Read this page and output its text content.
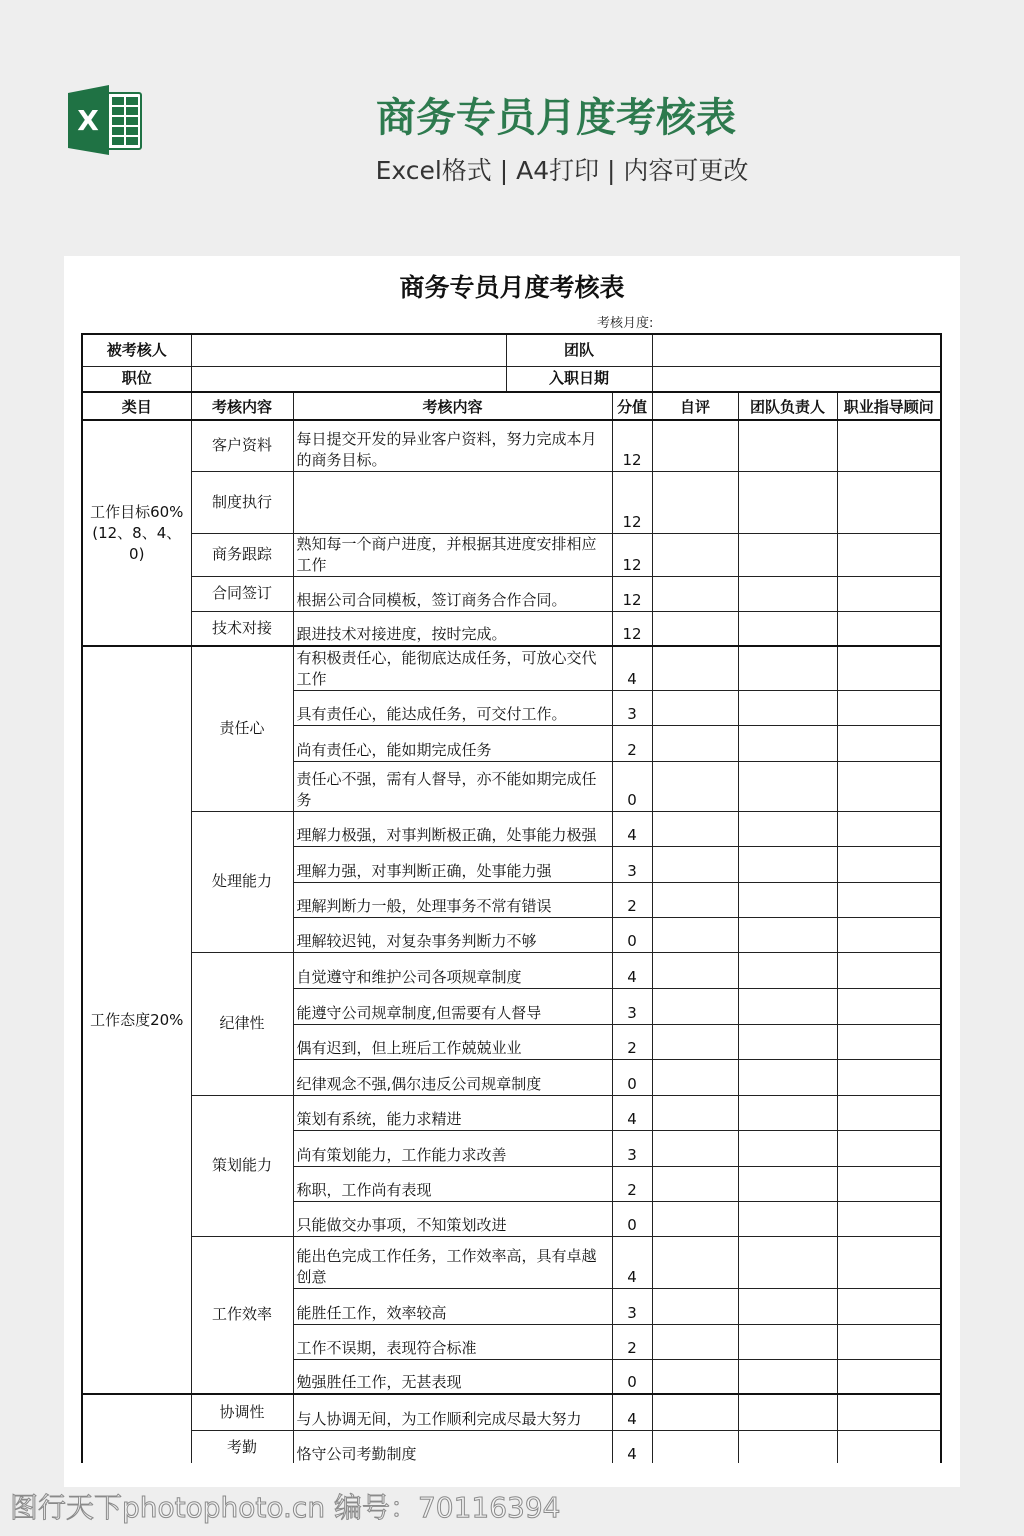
X	商务专员月度考核表
Excel格式 | A4打印 | 内容可更改
商务专员月度考核表
考核月度:
被考核人			团队				
职位			入职日期				
类目	考核内容	考核内容		分值	自评	团队负责人	职业指导顾问
工作目标60%(12、8、4、0)	客户资料	每日提交开发的异业客户资料，努力完成本月的商务目标。		12			
	制度执行			12			
	商务跟踪	熟知每一个商户进度，并根据其进度安排相应工作		12			
	合同签订	根据公司合同模板，签订商务合作合同。		12			
	技术对接	跟进技术对接进度，按时完成。		12			
工作态度20%	责任心	有积极责任心，能彻底达成任务，可放心交代工作		4			
		具有责任心，能达成任务，可交付工作。		3			
		尚有责任心，能如期完成任务		2			
		责任心不强，需有人督导，亦不能如期完成任务		0			
	处理能力	理解力极强，对事判断极正确，处事能力极强		4			
		理解力强，对事判断正确，处事能力强		3			
		理解判断力一般，处理事务不常有错误		2			
		理解较迟钝，对复杂事务判断力不够		0			
	纪律性	自觉遵守和维护公司各项规章制度		4			
		能遵守公司规章制度,但需要有人督导		3			
		偶有迟到，但上班后工作兢兢业业		2			
		纪律观念不强,偶尔违反公司规章制度		0			
	策划能力	策划有系统，能力求精进		4			
		尚有策划能力，工作能力求改善		3			
		称职，工作尚有表现		2			
		只能做交办事项，不知策划改进		0			
	工作效率	能出色完成工作任务，工作效率高，具有卓越创意		4			
		能胜任工作，效率较高		3			
		工作不误期，表现符合标准		2			
		勉强胜任工作，无甚表现		0			
	协调性	与人协调无间，为工作顺利完成尽最大努力		4			
	考勤	恪守公司考勤制度		4			
图行天下photophoto.cn 编号：70116394
